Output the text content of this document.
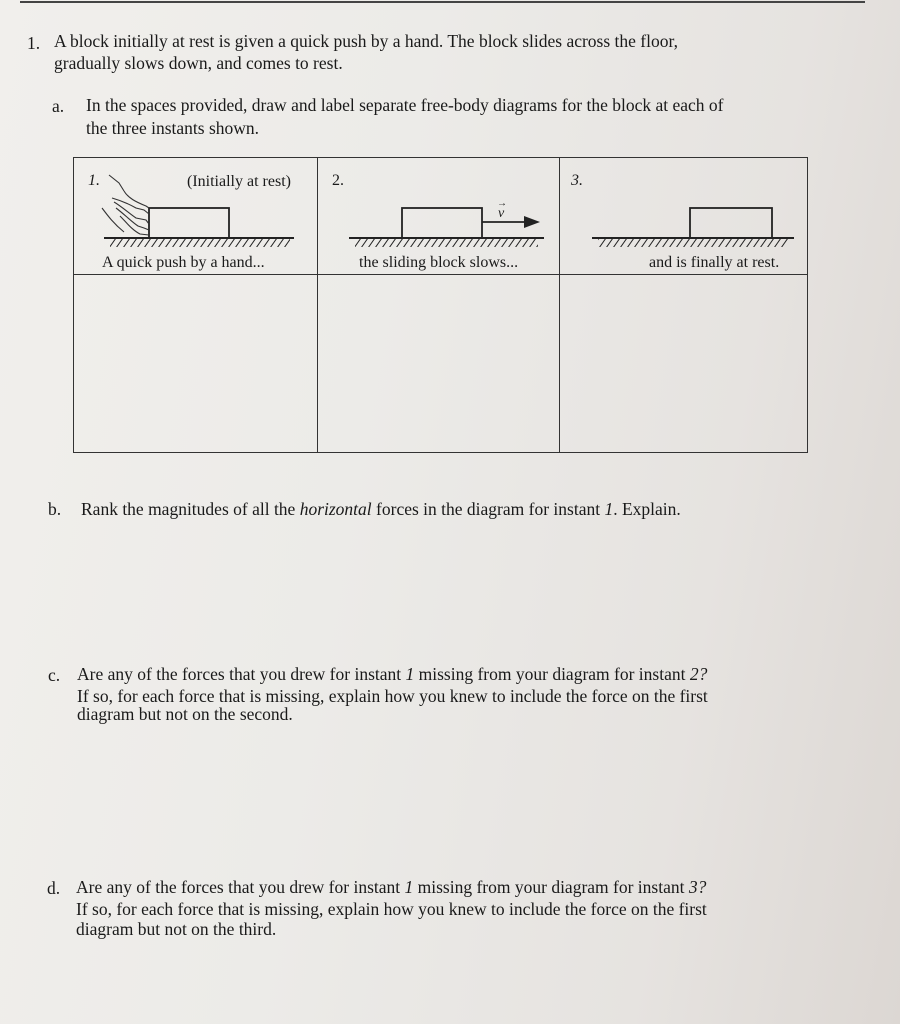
1. A block initially at rest is given a quick push by a hand. The block slides across the floor,
gradually slows down, and comes to rest.
a. In the spaces provided, draw and label separate free-body diagrams for the block at each of
the three instants shown.
1.	(Initially at rest)
A quick push by a hand...
2.
the sliding block slows...
3.
and is finally at rest.
v
→
b. Rank the magnitudes of all the horizontal forces in the diagram for instant 1. Explain.
c. Are any of the forces that you drew for instant 1 missing from your diagram for instant 2?
If so, for each force that is missing, explain how you knew to include the force on the first
diagram but not on the second.
d. Are any of the forces that you drew for instant 1 missing from your diagram for instant 3?
If so, for each force that is missing, explain how you knew to include the force on the first
diagram but not on the third.
